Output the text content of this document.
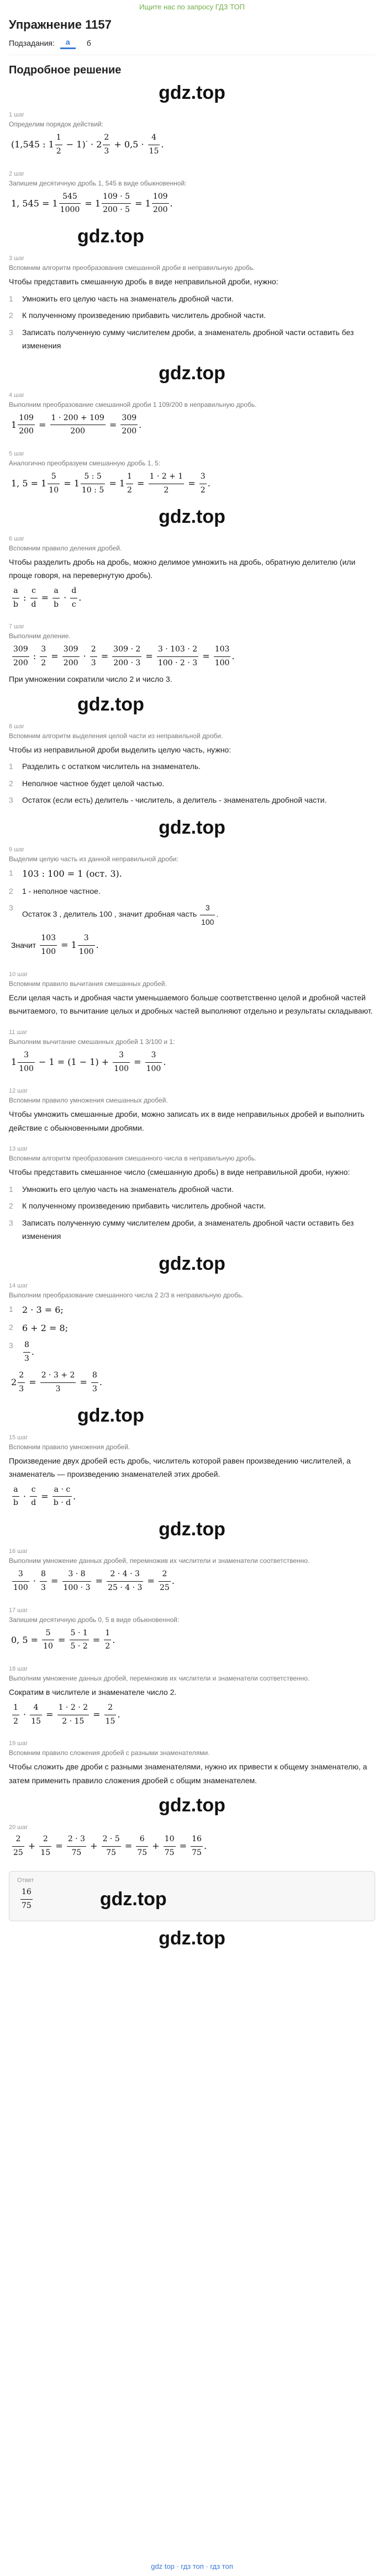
Ищите нас по запросу ГДЗ ТОП
Упражнение 1157
Подзадания:	а	б
Подробное решение
gdz.top
1 шаг
Определим порядок действий:
(1,545 : $1 \frac{1}{2} - 1)^\cdot \cdot 2 \frac{2}{3} + 0,5 \cdot \frac{4}{15}$ .
2 шаг
Запишем десятичную дробь 1, 545 в виде обыкновенной:
1, $545 = 1 \frac{545}{1000} = 1 \frac{109 \cdot 5}{200 \cdot 5} = 1 \frac{109}{200}$ .
gdz.top
3 шаг
Вспомним алгоритм преобразования смешанной дроби в неправильную дробь.
Чтобы представить смешанную дробь в виде неправильной дроби, нужно:
1	Умножить его целую часть на знаменатель дробной части.
2	К полученному произведению прибавить числитель дробной части.
3	Записать полученную сумму числителем дроби, а знаменатель дробной части оставить без изменения
gdz.top
4 шаг
Выполним преобразование смешанной дроби 1 109/200 в неправильную дробь.
$1 \frac{109}{200} = \frac{1 \cdot 200 + 109}{200} = \frac{309}{200}$ .
5 шаг
Аналогично преобразуем смешанную дробь 1, 5:
1, $5 = 1 \frac{5}{10} = 1 \frac{5 : 5}{10 : 5} = 1 \frac{1}{2} = \frac{1 \cdot 2 + 1}{2} = \frac{3}{2}$ .
gdz.top
6 шаг
Вспомним правило деления дробей.
Чтобы разделить дробь на дробь, можно делимое умножить на дробь, обратную делителю (или проще говоря, на перевернутую дробь).
$\frac{a}{b}$ : $\frac{c}{d} = \frac{a}{b} \cdot \frac{d}{c}$ .
7 шаг
Выполним деление.
$\frac{309}{200}$ : $\frac{3}{2} = \frac{309}{200} \cdot \frac{2}{3} = \frac{309 \cdot 2}{200 \cdot 3} = \frac{3 \cdot 103 \cdot 2}{100 \cdot 2 \cdot 3} = \frac{103}{100}$ .
При умножении сократили число 2 и число 3.
gdz.top
8 шаг
Вспомним алгоритм выделения целой части из неправильной дроби.
Чтобы из неправильной дроби выделить целую часть, нужно:
1	Разделить с остатком числитель на знаменатель.
2	Неполное частное будет целой частью.
3	Остаток (если есть) делитель - числитель, а делитель - знаменатель дробной части.
gdz.top
9 шаг
Выделим целую часть из данной неправильной дроби:
1	103 : 100 = 1 (ост. 3).
2	1 - неполное частное.
3
Остаток 3 , делитель 100 , значит дробная часть $\frac{3}{100}$ .
Значит $\frac{103}{100} = 1 \frac{3}{100}$ .
10 шаг
Вспомним правило вычитания смешанных дробей.
Если целая часть и дробная части уменьшаемого больше соответственно целой и дробной частей вычитаемого, то вычитание целых и дробных частей выполняют отдельно и результаты складывают.
11 шаг
Выполним вычитание смешанных дробей 1 3/100 и 1:
$1 \frac{3}{100} - 1 = (1 - 1) + \frac{3}{100} = \frac{3}{100}$ .
12 шаг
Вспомним правило умножения смешанных дробей.
Чтобы умножить смешанные дроби, можно записать их в виде неправильных дробей и выполнить действие с обыкновенными дробями.
13 шаг
Вспомним алгоритм преобразования смешанного числа в неправильную дробь.
Чтобы представить смешанное число (смешанную дробь) в виде неправильной дроби, нужно:
1	Умножить его целую часть на знаменатель дробной части.
2	К полученному произведению прибавить числитель дробной части.
3	Записать полученную сумму числителем дроби, а знаменатель дробной части оставить без изменения
gdz.top
14 шаг
Выполним преобразование смешанного числа 2 2/3 в неправильную дробь.
1	2 · 3 = 6;
2	6 + 2 = 8;
3	$\frac{8}{3}$ .
$2 \frac{2}{3} = \frac{2 \cdot 3 + 2}{3} = \frac{8}{3}$ .
gdz.top
15 шаг
Вспомним правило умножения дробей.
Произведение двух дробей есть дробь, числитель которой равен произведению числителей, а знаменатель — произведению знаменателей этих дробей.
$\frac{a}{b} \cdot \frac{c}{d} = \frac{a \cdot c}{b \cdot d}$ .
gdz.top
16 шаг
Выполним умножение данных дробей, перемножив их числители и знаменатели соответственно.
$\frac{3}{100} \cdot \frac{8}{3} = \frac{3 \cdot 8}{100 \cdot 3} = \frac{2 \cdot 4 \cdot 3}{25 \cdot 4 \cdot 3} = \frac{2}{25}$ .
17 шаг
Запишем десятичную дробь 0, 5 в виде обыкновенной:
0, $5 = \frac{5}{10} = \frac{5 \cdot 1}{5 \cdot 2} = \frac{1}{2}$ .
18 шаг
Выполним умножение данных дробей, перемножив их числители и знаменатели соответственно.
Сократим в числителе и знаменателе число 2.
$\frac{1}{2} \cdot \frac{4}{15} = \frac{1 \cdot 2 \cdot 2}{2 \cdot 15} = \frac{2}{15}$ .
19 шаг
Вспомним правило сложения дробей с разными знаменателями.
Чтобы сложить две дроби с разными знаменателями, нужно их привести к общему знаменателю, а затем применить правило сложения дробей с общим знаменателем.
gdz.top
20 шаг
$\frac{2}{25} + \frac{2}{15} = \frac{2 \cdot 3}{75} + \frac{2 \cdot 5}{75} = \frac{6}{75} + \frac{10}{75} = \frac{16}{75}$ .
Ответ
$\frac{16}{75}$	gdz.top
gdz.top
gdz top · гдз топ · гдз топ
